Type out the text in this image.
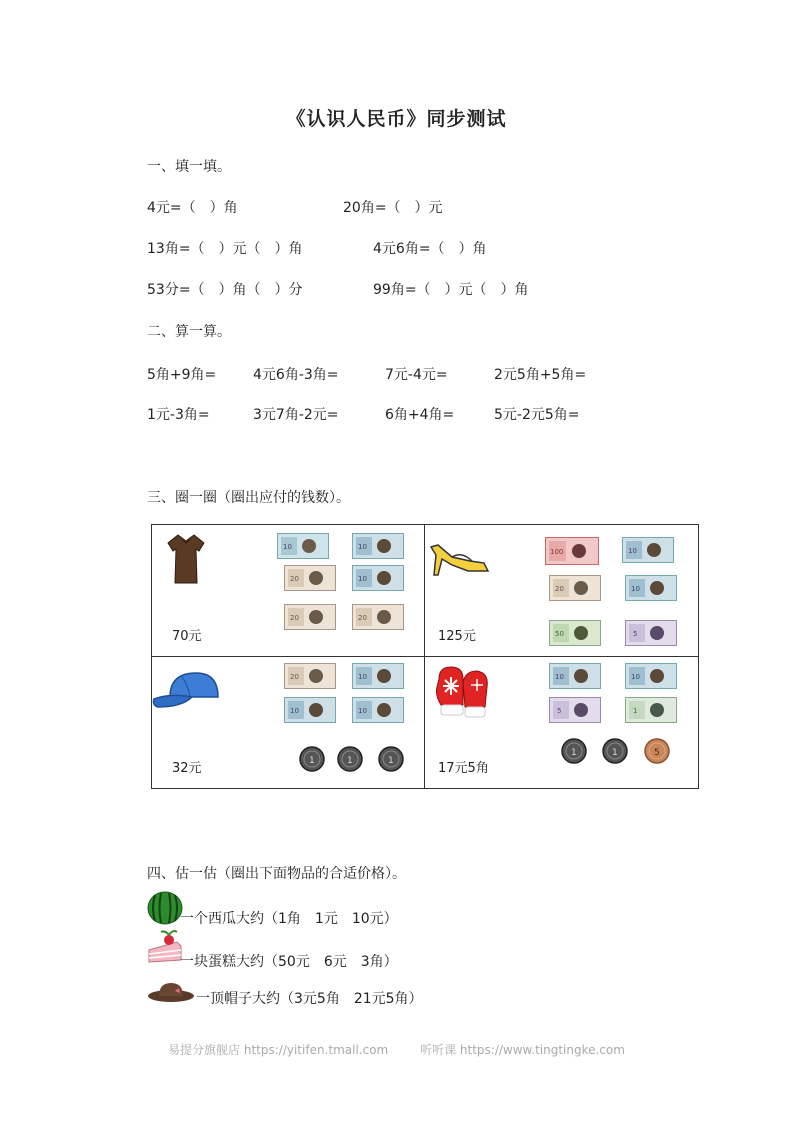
《认识人民币》同步测试
一、填一填。
4元=（　）角	20角=（　）元
13角=（　）元（　）角	4元6角=（　）角
53分=（　）角（　）分	99角=（　）元（　）角
二、算一算。
5角+9角=	4元6角-3角=	7元-4元=	2元5角+5角=
1元-3角=	3元7角-2元=	6角+4角=	5元-2元5角=
三、圈一圈（圈出应付的钱数）。
70元
10	10
20	10
20	20
125元
100	10
20	10
50	5
32元
20	10
10	10
1	1	1	17元5角
10	10
5	1
1	1	5
四、估一估（圈出下面物品的合适价格）。
一个西瓜大约（1角　1元　10元）
一块蛋糕大约（50元　6元　3角）
一顶帽子大约（3元5角　21元5角）
易提分旗舰店 https://yitifen.tmall.com	听听课 https://www.tingtingke.com
